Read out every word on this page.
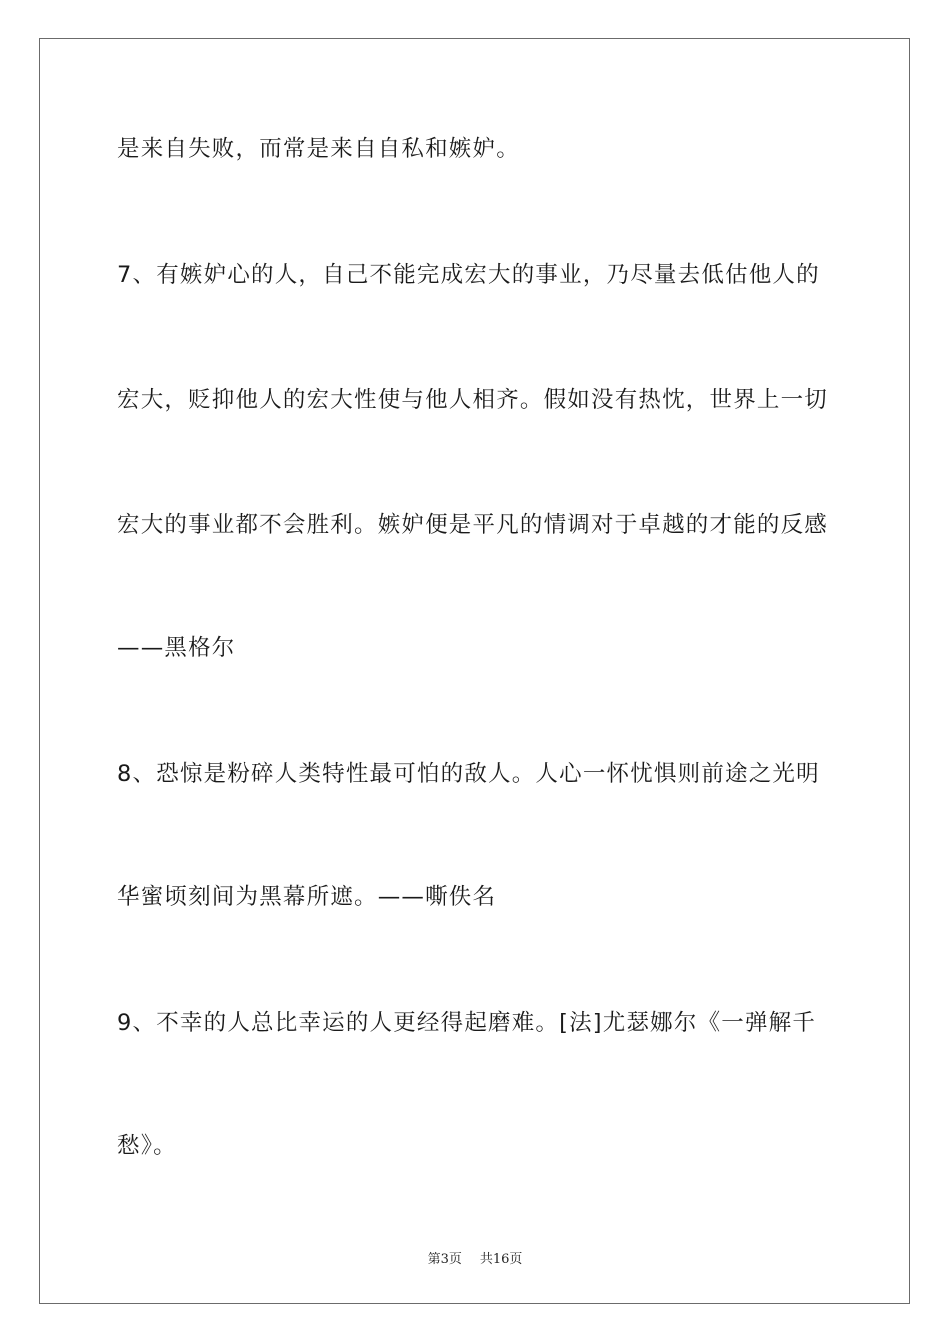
是来自失败，而常是来自自私和嫉妒。
7、有嫉妒心的人，自己不能完成宏大的事业，乃尽量去低估他人的
宏大，贬抑他人的宏大性使与他人相齐。假如没有热忱，世界上一切
宏大的事业都不会胜利。嫉妒便是平凡的情调对于卓越的才能的反感
——黑格尔
8、恐惊是粉碎人类特性最可怕的敌人。人心一怀忧惧则前途之光明
华蜜顷刻间为黑幕所遮。——嘶佚名
9、不幸的人总比幸运的人更经得起磨难。[法]尤瑟娜尔《一弹解千
愁》。
第3页 共16页
